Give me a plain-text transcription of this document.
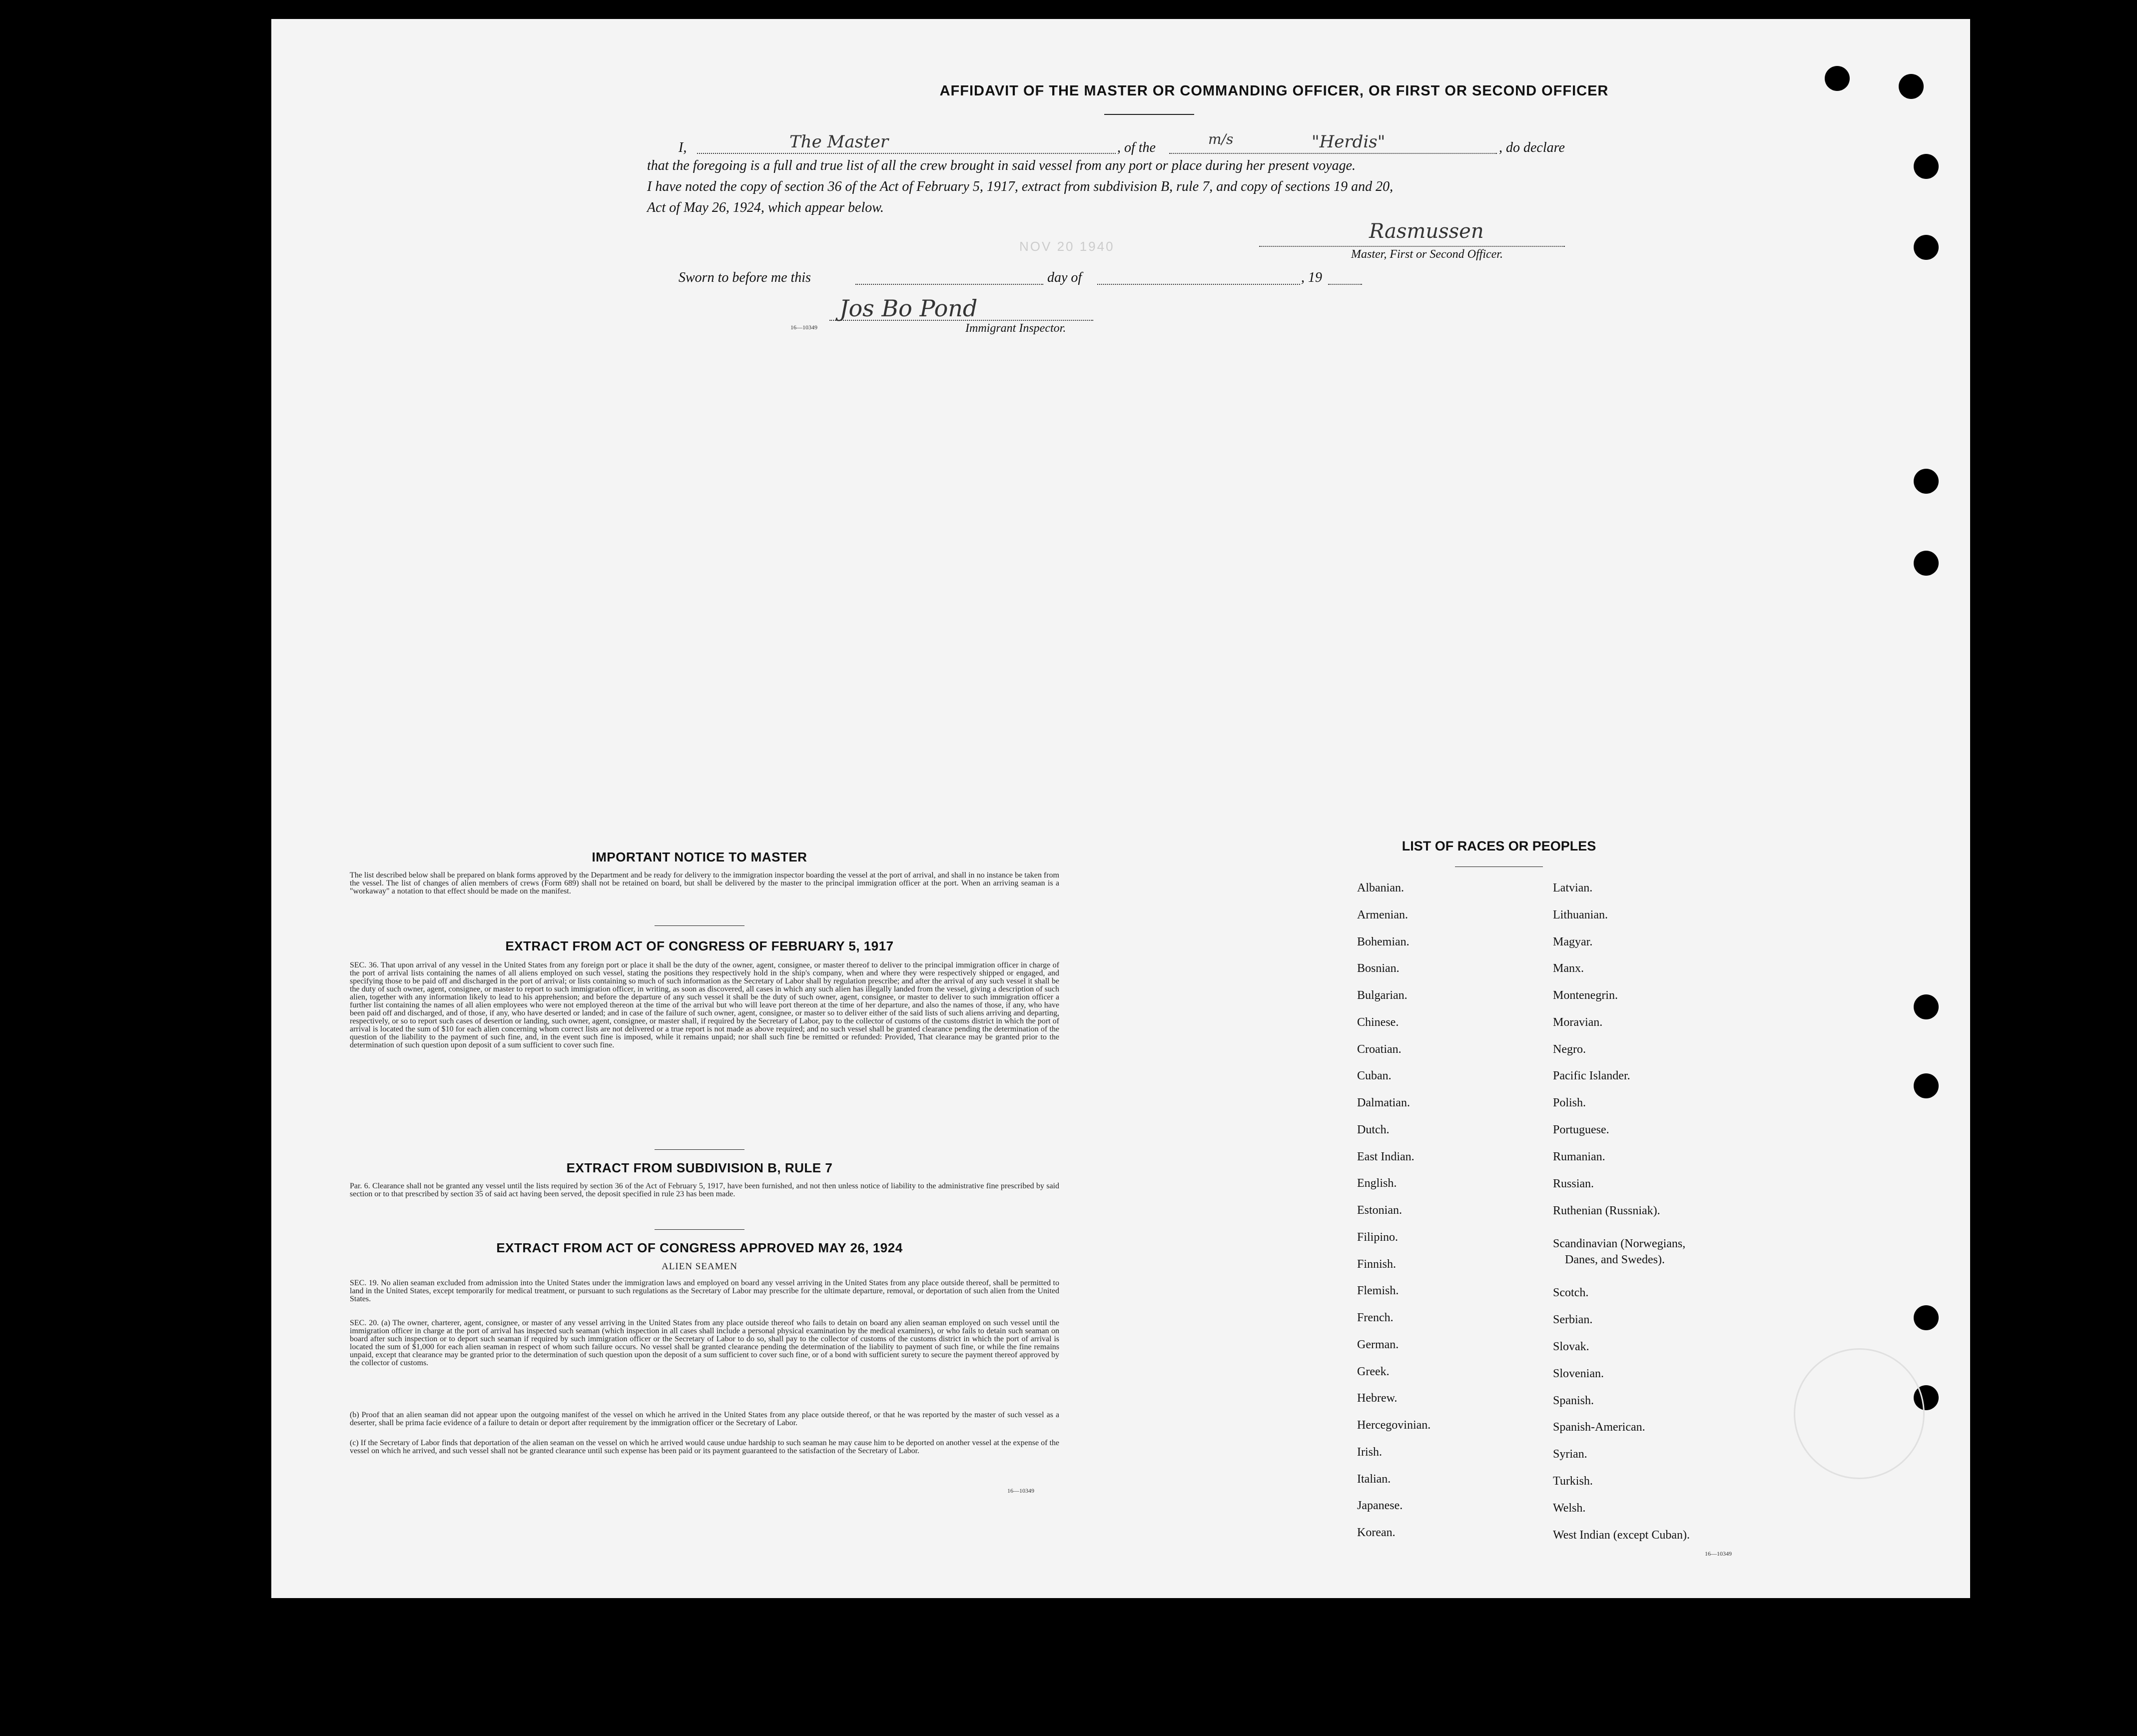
AFFIDAVIT OF THE MASTER OR COMMANDING OFFICER, OR FIRST OR SECOND OFFICER
I,	The Master	, of the
m/s	"Herdis"	, do declare
that the foregoing is a full and true list of all the crew brought in said vessel from any port or place during her present voyage.
I have noted the copy of section 36 of the Act of February 5, 1917, extract from subdivision B, rule 7, and copy of sections 19 and 20,
Act of May 26, 1924, which appear below.
Rasmussen
NOV 20 1940
Master, First or Second Officer.
Sworn to before me this	day of	, 19
Jos Bo Pond
16—10349	Immigrant Inspector.
IMPORTANT NOTICE TO MASTER
The list described below shall be prepared on blank forms approved by the Department and be ready for delivery to the immigration inspector boarding the vessel at the port of arrival, and shall in no instance be taken from the vessel. The list of changes of alien members of crews (Form 689) shall not be retained on board, but shall be delivered by the master to the principal immigration officer at the port. When an arriving seaman is a "workaway" a notation to that effect should be made on the manifest.
EXTRACT FROM ACT OF CONGRESS OF FEBRUARY 5, 1917
SEC. 36. That upon arrival of any vessel in the United States from any foreign port or place it shall be the duty of the owner, agent, consignee, or master thereof to deliver to the principal immigration officer in charge of the port of arrival lists containing the names of all aliens employed on such vessel, stating the positions they respectively hold in the ship's company, when and where they were respectively shipped or engaged, and specifying those to be paid off and discharged in the port of arrival; or lists containing so much of such information as the Secretary of Labor shall by regulation prescribe; and after the arrival of any such vessel it shall be the duty of such owner, agent, consignee, or master to report to such immigration officer, in writing, as soon as discovered, all cases in which any such alien has illegally landed from the vessel, giving a description of such alien, together with any information likely to lead to his apprehension; and before the departure of any such vessel it shall be the duty of such owner, agent, consignee, or master to deliver to such immigration officer a further list containing the names of all alien employees who were not employed thereon at the time of the arrival but who will leave port thereon at the time of her departure, and also the names of those, if any, who have been paid off and discharged, and of those, if any, who have deserted or landed; and in case of the failure of such owner, agent, consignee, or master so to deliver either of the said lists of such aliens arriving and departing, respectively, or so to report such cases of desertion or landing, such owner, agent, consignee, or master shall, if required by the Secretary of Labor, pay to the collector of customs of the customs district in which the port of arrival is located the sum of $10 for each alien concerning whom correct lists are not delivered or a true report is not made as above required; and no such vessel shall be granted clearance pending the determination of the question of the liability to the payment of such fine, and, in the event such fine is imposed, while it remains unpaid; nor shall such fine be remitted or refunded: Provided, That clearance may be granted prior to the determination of such question upon deposit of a sum sufficient to cover such fine.
EXTRACT FROM SUBDIVISION B, RULE 7
Par. 6. Clearance shall not be granted any vessel until the lists required by section 36 of the Act of February 5, 1917, have been furnished, and not then unless notice of liability to the administrative fine prescribed by said section or to that prescribed by section 35 of said act having been served, the deposit specified in rule 23 has been made.
EXTRACT FROM ACT OF CONGRESS APPROVED MAY 26, 1924
ALIEN SEAMEN
SEC. 19. No alien seaman excluded from admission into the United States under the immigration laws and employed on board any vessel arriving in the United States from any place outside thereof, shall be permitted to land in the United States, except temporarily for medical treatment, or pursuant to such regulations as the Secretary of Labor may prescribe for the ultimate departure, removal, or deportation of such alien from the United States.
SEC. 20. (a) The owner, charterer, agent, consignee, or master of any vessel arriving in the United States from any place outside thereof who fails to detain on board any alien seaman employed on such vessel until the immigration officer in charge at the port of arrival has inspected such seaman (which inspection in all cases shall include a personal physical examination by the medical examiners), or who fails to detain such seaman on board after such inspection or to deport such seaman if required by such immigration officer or the Secretary of Labor to do so, shall pay to the collector of customs of the customs district in which the port of arrival is located the sum of $1,000 for each alien seaman in respect of whom such failure occurs. No vessel shall be granted clearance pending the determination of the liability to payment of such fine, or while the fine remains unpaid, except that clearance may be granted prior to the determination of such question upon the deposit of a sum sufficient to cover such fine, or of a bond with sufficient surety to secure the payment thereof approved by the collector of customs.
(b) Proof that an alien seaman did not appear upon the outgoing manifest of the vessel on which he arrived in the United States from any place outside thereof, or that he was reported by the master of such vessel as a deserter, shall be prima facie evidence of a failure to detain or deport after requirement by the immigration officer or the Secretary of Labor.
(c) If the Secretary of Labor finds that deportation of the alien seaman on the vessel on which he arrived would cause undue hardship to such seaman he may cause him to be deported on another vessel at the expense of the vessel on which he arrived, and such vessel shall not be granted clearance until such expense has been paid or its payment guaranteed to the satisfaction of the Secretary of Labor.
16—10349
LIST OF RACES OR PEOPLES
Albanian.
Armenian.
Bohemian.
Bosnian.
Bulgarian.
Chinese.
Croatian.
Cuban.
Dalmatian.
Dutch.
East Indian.
English.
Estonian.
Filipino.
Finnish.
Flemish.
French.
German.
Greek.
Hebrew.
Hercegovinian.
Irish.
Italian.
Japanese.
Korean.
Latvian.
Lithuanian.
Magyar.
Manx.
Montenegrin.
Moravian.
Negro.
Pacific Islander.
Polish.
Portuguese.
Rumanian.
Russian.
Ruthenian (Russniak).
Scandinavian (Norwegians,
Danes, and Swedes).
Scotch.
Serbian.
Slovak.
Slovenian.
Spanish.
Spanish-American.
Syrian.
Turkish.
Welsh.
West Indian (except Cuban).
16—10349
